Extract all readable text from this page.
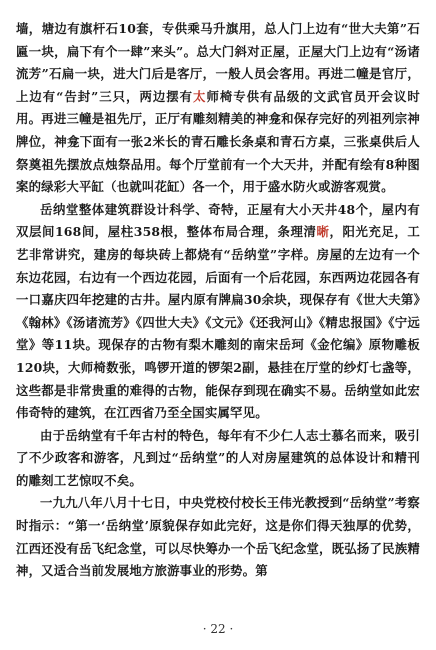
墙，塘边有旗杆石10套，专供乘马升旗用，总人门上边有“世大夫第”石匾一块，扁下有个一肆”来头”。总大门斜对正屋，正屋大门上边有“汤诸流芳”石扁一块，进大门后是客厅，一般人员会客用。再进二幢是官厅，上边有“告封”三只，两边摆有太师椅专供有品级的文武官员开会议时用。再进三幢是祖先厅，正厅有雕刻精美的神龛和保存完好的列祖列宗神牌位，神龛下面有一张2米长的青石雕长条桌和青石方桌，三张桌供后人祭奠祖先摆放点烛祭品用。每个厅堂前有一个大天井，并配有绘有8种图案的绿彩大平缸（也就叫花缸）各一个，用于盛水防火或游客观赏。

岳纳堂整体建筑群设计科学、奇特，正屋有大小天井48个，屋内有双层间168间，屋柱358根，整体布局合理，条理清晰，阳光充足，工艺非常讲究，建房的每块砖上都烧有“岳纳堂”字样。房屋的左边有一个东边花园，右边有一个西边花园，后面有一个后花园，东西两边花园各有一口嘉庆四年挖建的古井。屋内原有牌扁30余块，现保存有《世大夫第》《翰林》《汤诸流芳》《四世大夫》《文元》《还我河山》《精忠报国》《宁远堂》等11块。现保存的古物有梨木雕刻的南宋岳珂《金佗编》原物雕板120块，大师椅数张，鸣锣开道的锣架2副，悬挂在厅堂的纱灯七盏等，这些都是非常贵重的难得的古物，能保存到现在确实不易。岳纳堂如此宏伟奇特的建筑，在江西省乃至全国实属罕见。

由于岳纳堂有千年古村的特色，每年有不少仁人志士慕名而来，吸引了不少政客和游客，凡到过“岳纳堂”的人对房屋建筑的总体设计和精刊的雕刻工艺惊叹不矣。

一九九八年八月十七日，中央党校付校长王伟光教授到“岳纳堂”考察时指示：“第一‘岳纳堂’原貌保存如此完好，这是你们得天独厚的优势，江西还没有岳飞纪念堂，可以尽快筹办一个岳飞纪念堂，既弘扬了民族精神，又适合当前发展地方旅游事业的形势。第

· 22 ·
